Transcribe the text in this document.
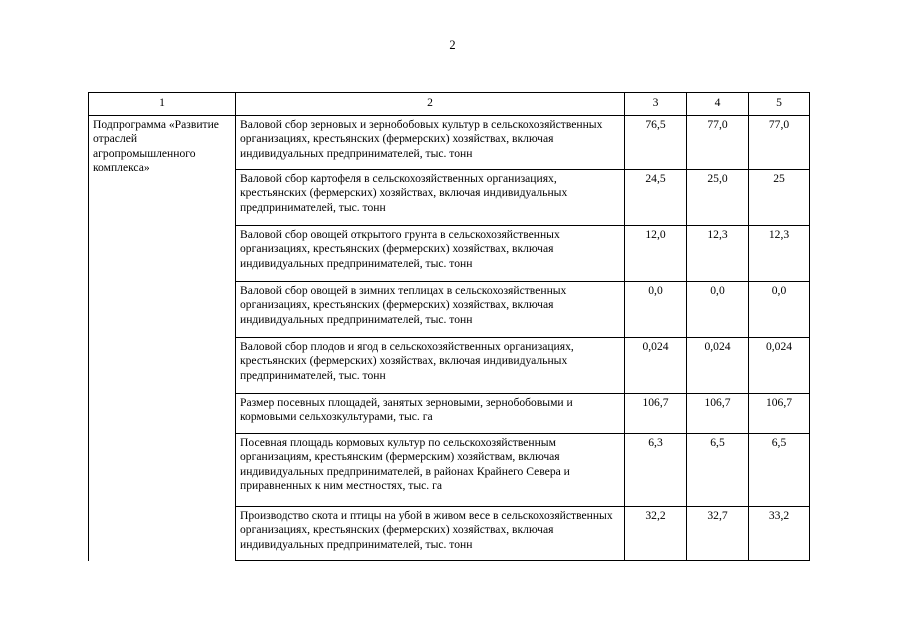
2
1	2	3	4	5
Подпрограмма «Развитие отраслей агропромышленного комплекса»	Валовой сбор зерновых и зернобобовых культур в сельскохозяйственных организациях, крестьянских (фермерских) хозяйствах, включая индивидуальных предпринимателей, тыс. тонн	76,5	77,0	77,0
	Валовой сбор картофеля в сельскохозяйственных организациях, крестьянских (фермерских) хозяйствах, включая индивидуальных предпринимателей, тыс. тонн	24,5	25,0	25
	Валовой сбор овощей открытого грунта в сельскохозяйственных организациях, крестьянских (фермерских) хозяйствах, включая индивидуальных предпринимателей, тыс. тонн	12,0	12,3	12,3
	Валовой сбор овощей в зимних теплицах в сельскохозяйственных организациях, крестьянских (фермерских) хозяйствах, включая индивидуальных предпринимателей, тыс. тонн	0,0	0,0	0,0
	Валовой сбор плодов и ягод в сельскохозяйственных организациях, крестьянских (фермерских) хозяйствах, включая индивидуальных предпринимателей, тыс. тонн	0,024	0,024	0,024
	Размер посевных площадей, занятых зерновыми, зернобобовыми и кормовыми сельхозкультурами, тыс. га	106,7	106,7	106,7
	Посевная площадь кормовых культур по сельскохозяйственным организациям, крестьянским (фермерским) хозяйствам, включая индивидуальных предпринимателей, в районах Крайнего Севера и приравненных к ним местностях, тыс. га	6,3	6,5	6,5
	Производство скота и птицы на убой в живом весе в сельскохозяйственных организациях, крестьянских (фермерских) хозяйствах, включая индивидуальных предпринимателей, тыс. тонн	32,2	32,7	33,2
